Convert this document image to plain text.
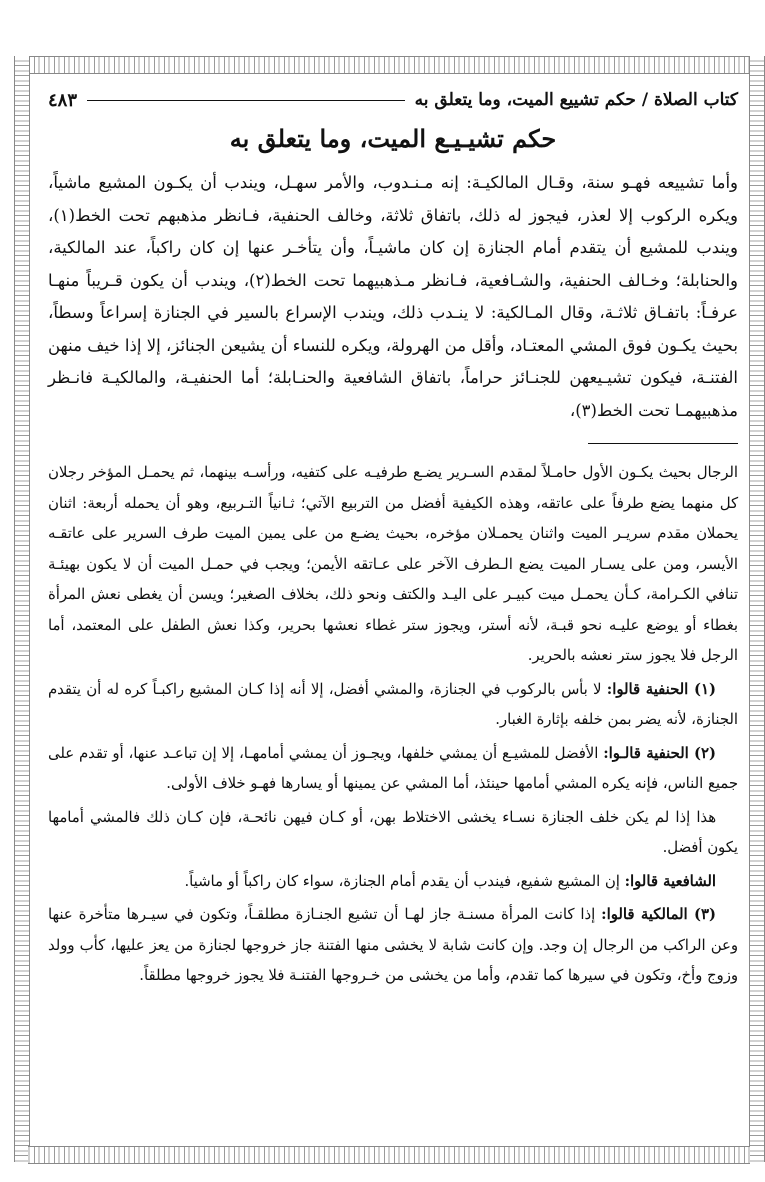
كتاب الصلاة / حكم تشييع الميت، وما يتعلق به
٤٨٣
حكم تشيـيـع الميت، وما يتعلق به

وأما تشييعه فهـو سنة، وقـال المالكيـة: إنه مـنـدوب، والأمر سهـل، ويندب أن يكـون المشيع ماشياً، ويكره الركوب إلا لعذر، فيجوز له ذلك، باتفاق ثلاثة، وخالف الحنفية، فـانظر مذهبهم تحت الخط(١)، ويندب للمشيع أن يتقدم أمام الجنازة إن كان ماشيـاً، وأن يتأخـر عنها إن كان راكباً، عند المالكية، والحنابلة؛ وخـالف الحنفية، والشـافعية، فـانظر مـذهبيهما تحت الخط(٢)، ويندب أن يكون قـريباً منهـا عرفـاً: باتفـاق ثلاثـة، وقال المـالكية: لا ينـدب ذلك، ويندب الإسراع بالسير في الجنازة إسراعاً وسطاً، بحيث يكـون فوق المشي المعتـاد، وأقل من الهرولة، ويكره للنساء أن يشيعن الجنائز، إلا إذا خيف منهن الفتنـة، فيكون تشيـيعهن للجنـائز حراماً، باتفاق الشافعية والحنـابلة؛ أما الحنفيـة، والمالكيـة فانـظر مذهبيهمـا تحت الخط(٣)،

الرجال بحيث يكـون الأول حامـلاً لمقدم السـرير يضـع طرفيـه على كتفيه، ورأسـه بينهما، ثم يحمـل المؤخر رجلان كل منهما يضع طرفاً على عاتقه، وهذه الكيفية أفضل من التربيع الآتي؛ ثـانياً التـربيع، وهو أن يحمله أربعة: اثنان يحملان مقدم سريـر الميت واثنان يحمـلان مؤخره، بحيث يضـع من على يمين الميت طرف السرير على عاتقـه الأيسر، ومن على يسـار الميت يضع الـطرف الآخر على عـاتقه الأيمن؛ ويجب في حمـل الميت أن لا يكون بهيئـة تنافي الكـرامة، كـأن يحمـل ميت كبيـر على اليـد والكتف ونحو ذلك، بخلاف الصغير؛ ويسن أن يغطى نعش المرأة بغطاء أو يوضع عليـه نحو قبـة، لأنه أستر، ويجوز ستر غطاء نعشها بحرير، وكذا نعش الطفل على المعتمد، أما الرجل فلا يجوز ستر نعشه بالحرير.

(١) الحنفية قالوا: لا بأس بالركوب في الجنازة، والمشي أفضل، إلا أنه إذا كـان المشيع راكبـاً كره له أن يتقدم الجنازة، لأنه يضر بمن خلفه بإثارة الغبار.

(٢) الحنفية قالـوا: الأفضل للمشيـع أن يمشي خلفها، ويجـوز أن يمشي أمامهـا، إلا إن تباعـد عنها، أو تقدم على جميع الناس، فإنه يكره المشي أمامها حينئذ، أما المشي عن يمينها أو يسارها فهـو خلاف الأولى.

هذا إذا لم يكن خلف الجنازة نسـاء يخشى الاختلاط بهن، أو كـان فيهن نائحـة، فإن كـان ذلك فالمشي أمامها يكون أفضل.

الشافعية قالوا: إن المشيع شفيع، فيندب أن يقدم أمام الجنازة، سواء كان راكباً أو ماشياً.

(٣) المالكية قالوا: إذا كانت المرأة مسنـة جاز لهـا أن تشيع الجنـازة مطلقـاً، وتكون في سيـرها متأخرة عنها وعن الراكب من الرجال إن وجد. وإن كانت شابة لا يخشى منها الفتنة جاز خروجها لجنازة من يعز عليها، كأب وولد وزوج وأخ، وتكون في سيرها كما تقدم، وأما من يخشى من خـروجها الفتنـة فلا يجوز خروجها مطلقاً.
